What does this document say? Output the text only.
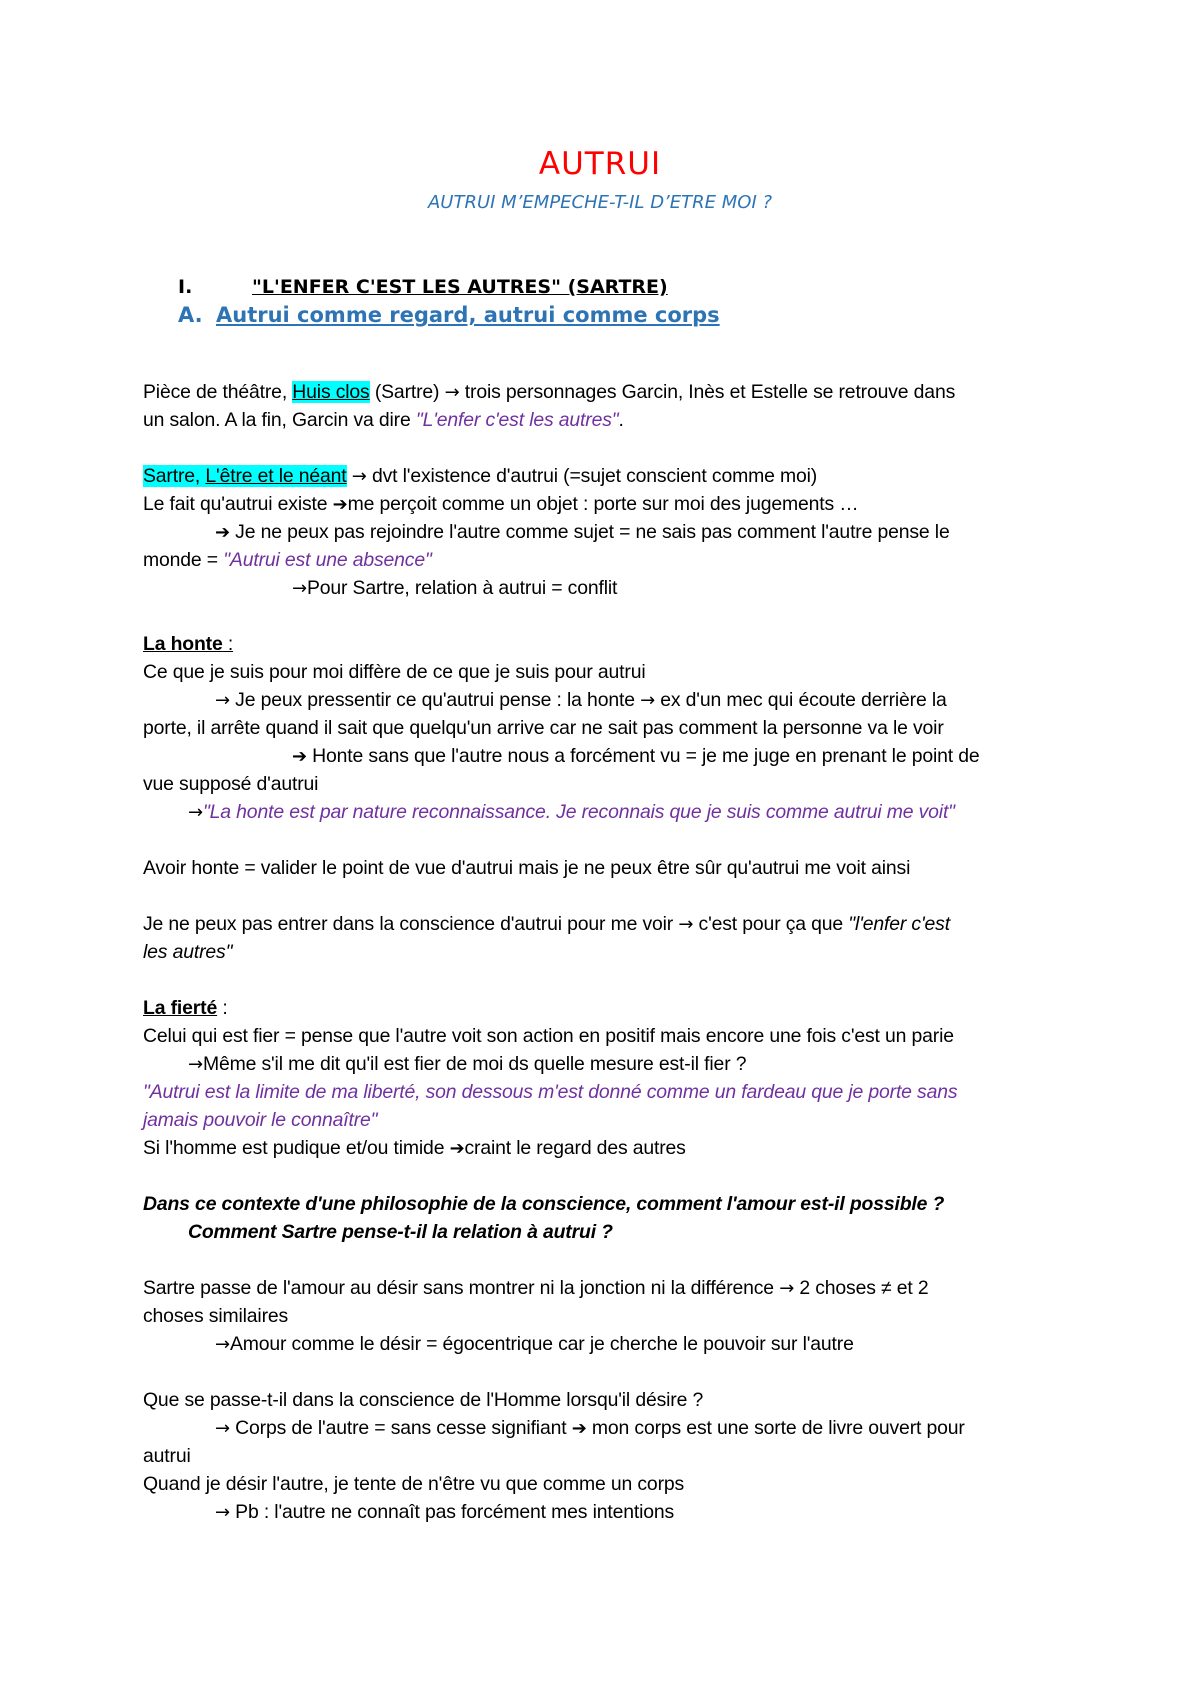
AUTRUI
AUTRUI M’EMPECHE-T-IL D’ETRE MOI ?
I.	"L'ENFER C'EST LES AUTRES" (SARTRE)
A. Autrui comme regard, autrui comme corps
Pièce de théâtre, Huis clos (Sartre) → trois personnages Garcin, Inès et Estelle se retrouve dans
un salon. A la fin, Garcin va dire "L'enfer c'est les autres".
Sartre, L'être et le néant → dvt l'existence d'autrui (=sujet conscient comme moi)
Le fait qu'autrui existe ➔me perçoit comme un objet : porte sur moi des jugements …
➔ Je ne peux pas rejoindre l'autre comme sujet = ne sais pas comment l'autre pense le
monde = "Autrui est une absence"
→Pour Sartre, relation à autrui = conflit
La honte :
Ce que je suis pour moi diffère de ce que je suis pour autrui
→ Je peux pressentir ce qu'autrui pense : la honte → ex d'un mec qui écoute derrière la
porte, il arrête quand il sait que quelqu'un arrive car ne sait pas comment la personne va le voir
➔ Honte sans que l'autre nous a forcément vu = je me juge en prenant le point de
vue supposé d'autrui
→"La honte est par nature reconnaissance. Je reconnais que je suis comme autrui me voit"
Avoir honte = valider le point de vue d'autrui mais je ne peux être sûr qu'autrui me voit ainsi
Je ne peux pas entrer dans la conscience d'autrui pour me voir → c'est pour ça que "l'enfer c'est
les autres"
La fierté :
Celui qui est fier = pense que l'autre voit son action en positif mais encore une fois c'est un parie
→Même s'il me dit qu'il est fier de moi ds quelle mesure est-il fier ?
"Autrui est la limite de ma liberté, son dessous m'est donné comme un fardeau que je porte sans
jamais pouvoir le connaître"
Si l'homme est pudique et/ou timide ➔craint le regard des autres
Dans ce contexte d'une philosophie de la conscience, comment l'amour est-il possible ?
Comment Sartre pense-t-il la relation à autrui ?
Sartre passe de l'amour au désir sans montrer ni la jonction ni la différence → 2 choses ≠ et 2
choses similaires
→Amour comme le désir = égocentrique car je cherche le pouvoir sur l'autre
Que se passe-t-il dans la conscience de l'Homme lorsqu'il désire ?
→ Corps de l'autre = sans cesse signifiant ➔ mon corps est une sorte de livre ouvert pour
autrui
Quand je désir l'autre, je tente de n'être vu que comme un corps
→ Pb : l'autre ne connaît pas forcément mes intentions
